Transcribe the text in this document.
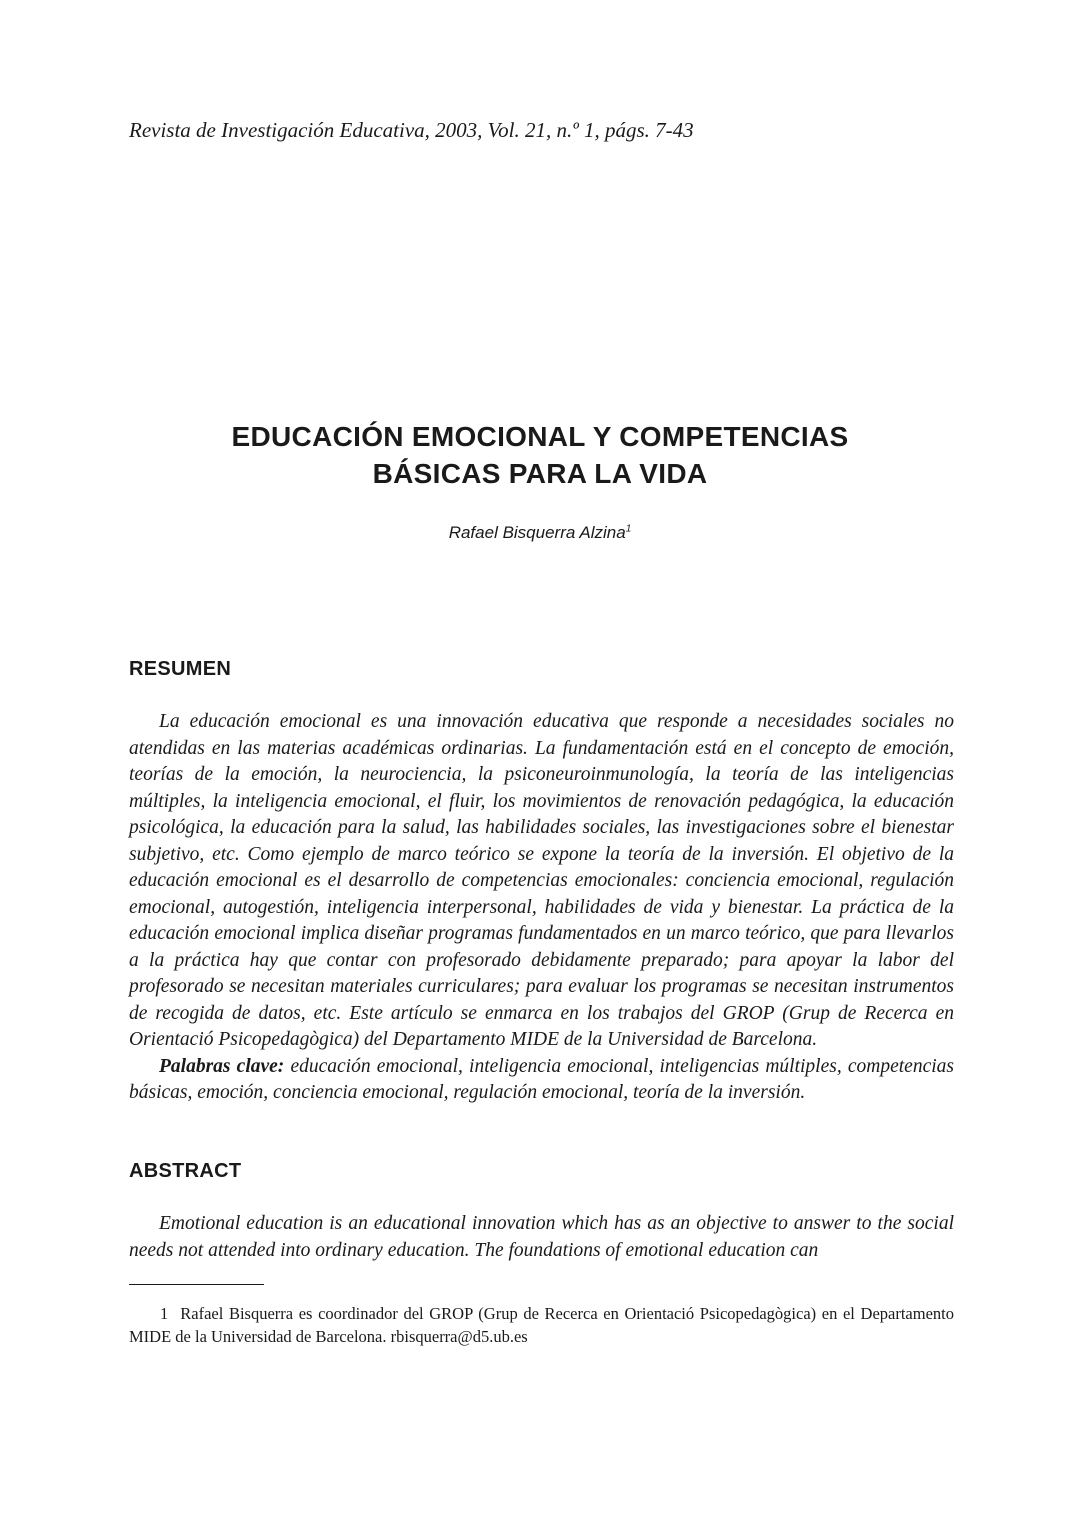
Revista de Investigación Educativa, 2003, Vol. 21, n.º 1, págs. 7-43
EDUCACIÓN EMOCIONAL Y COMPETENCIAS
BÁSICAS PARA LA VIDA
Rafael Bisquerra Alzina$^1$
RESUMEN

La educación emocional es una innovación educativa que responde a necesidades sociales no atendidas en las materias académicas ordinarias. La fundamentación está en el concepto de emoción, teorías de la emoción, la neurociencia, la psiconeuroinmunología, la teoría de las inteligencias múltiples, la inteligencia emocional, el fluir, los movimientos de renovación pedagógica, la educación psicológica, la educación para la salud, las habilidades sociales, las investigaciones sobre el bienestar subjetivo, etc. Como ejemplo de marco teórico se expone la teoría de la inversión. El objetivo de la educación emocional es el desarrollo de competencias emocionales: conciencia emocional, regulación emocional, autogestión, inteligencia interpersonal, habilidades de vida y bienestar. La práctica de la educación emocional implica diseñar programas fundamentados en un marco teórico, que para llevarlos a la práctica hay que contar con profesorado debidamente preparado; para apoyar la labor del profesorado se necesitan materiales curriculares; para evaluar los programas se necesitan instrumentos de recogida de datos, etc. Este artículo se enmarca en los trabajos del GROP (Grup de Recerca en Orientació Psicopedagògica) del Departamento MIDE de la Universidad de Barcelona.

Palabras clave: educación emocional, inteligencia emocional, inteligencias múltiples, competencias básicas, emoción, conciencia emocional, regulación emocional, teoría de la inversión.

ABSTRACT

Emotional education is an educational innovation which has as an objective to answer to the social needs not attended into ordinary education. The foundations of emotional education can

1 Rafael Bisquerra es coordinador del GROP (Grup de Recerca en Orientació Psicopedagògica) en el Departamento MIDE de la Universidad de Barcelona. rbisquerra@d5.ub.es
